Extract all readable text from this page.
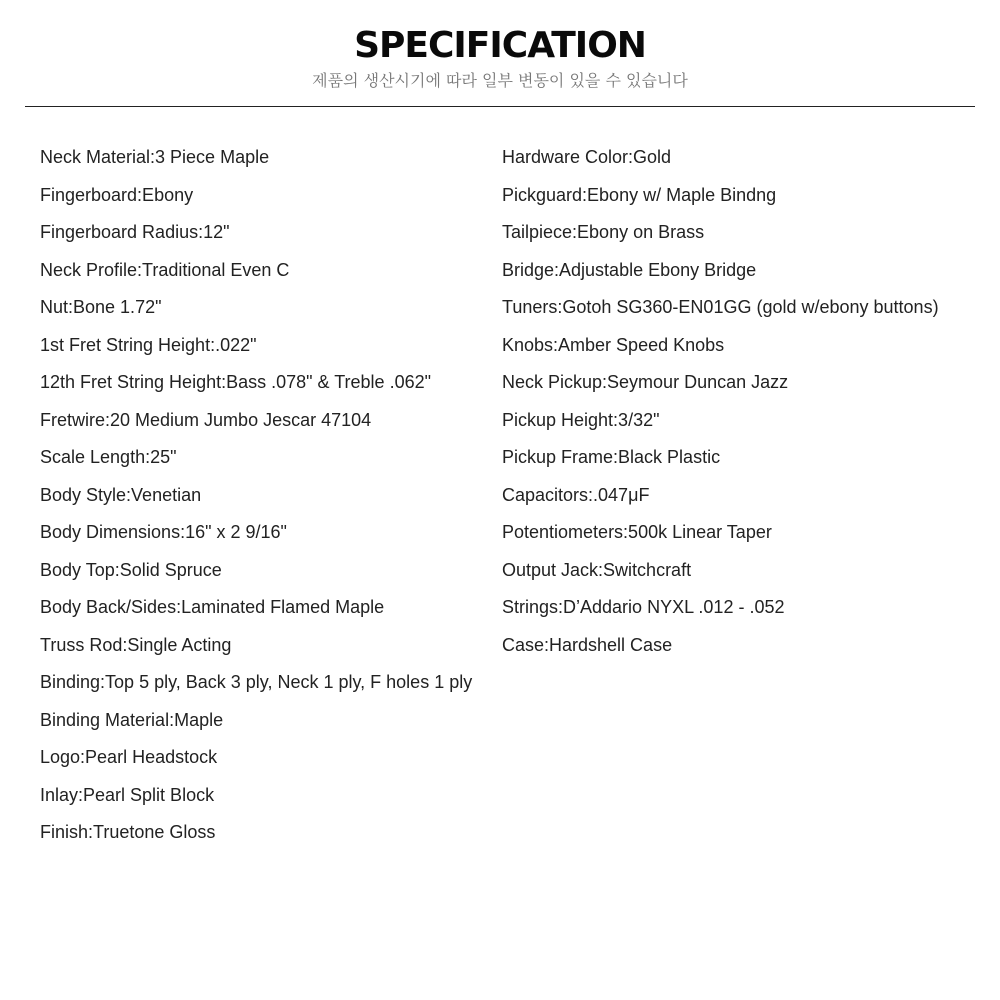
SPECIFICATION
제품의 생산시기에 따라 일부 변동이 있을 수 있습니다
Neck Material:3 Piece Maple
Fingerboard:Ebony
Fingerboard Radius:12"
Neck Profile:Traditional Even C
Nut:Bone 1.72"
1st Fret String Height:.022"
12th Fret String Height:Bass .078" & Treble .062"
Fretwire:20 Medium Jumbo Jescar 47104
Scale Length:25"
Body Style:Venetian
Body Dimensions:16" x 2 9/16"
Body Top:Solid Spruce
Body Back/Sides:Laminated Flamed Maple
Truss Rod:Single Acting
Binding:Top 5 ply, Back 3 ply, Neck 1 ply, F holes 1 ply
Binding Material:Maple
Logo:Pearl Headstock
Inlay:Pearl Split Block
Finish:Truetone Gloss
Hardware Color:Gold
Pickguard:Ebony w/ Maple Bindng
Tailpiece:Ebony on Brass
Bridge:Adjustable Ebony Bridge
Tuners:Gotoh SG360-EN01GG (gold w/ebony buttons)
Knobs:Amber Speed Knobs
Neck Pickup:Seymour Duncan Jazz
Pickup Height:3/32"
Pickup Frame:Black Plastic
Capacitors:.047μF
Potentiometers:500k Linear Taper
Output Jack:Switchcraft
Strings:D’Addario NYXL .012 - .052
Case:Hardshell Case
